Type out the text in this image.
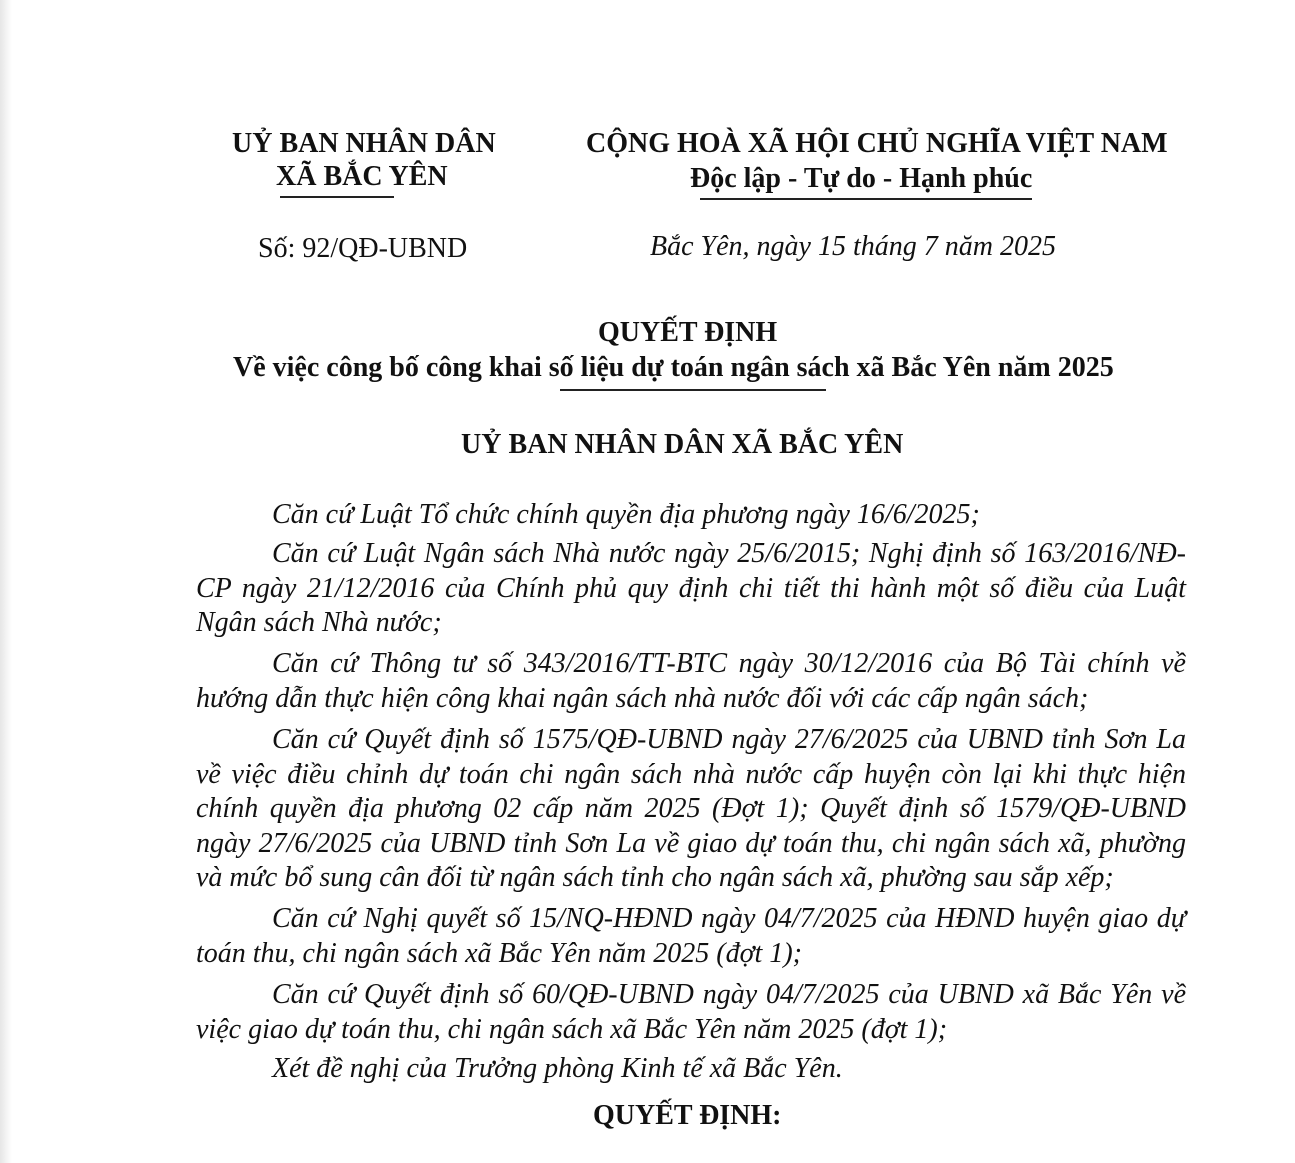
UỶ BAN NHÂN DÂN
XÃ BẮC YÊN
CỘNG HOÀ XÃ HỘI CHỦ NGHĨA VIỆT NAM
Độc lập - Tự do - Hạnh phúc
Số: 92/QĐ-UBND	Bắc Yên, ngày 15 tháng 7 năm 2025
QUYẾT ĐỊNH
Về việc công bố công khai số liệu dự toán ngân sách xã Bắc Yên năm 2025
UỶ BAN NHÂN DÂN XÃ BẮC YÊN

Căn cứ Luật Tổ chức chính quyền địa phương ngày 16/6/2025;

Căn cứ Luật Ngân sách Nhà nước ngày 25/6/2015; Nghị định số 163/2016/NĐ-CP ngày 21/12/2016 của Chính phủ quy định chi tiết thi hành một số điều của Luật Ngân sách Nhà nước;

Căn cứ Thông tư số 343/2016/TT-BTC ngày 30/12/2016 của Bộ Tài chính về hướng dẫn thực hiện công khai ngân sách nhà nước đối với các cấp ngân sách;

Căn cứ Quyết định số 1575/QĐ-UBND ngày 27/6/2025 của UBND tỉnh Sơn La về việc điều chỉnh dự toán chi ngân sách nhà nước cấp huyện còn lại khi thực hiện chính quyền địa phương 02 cấp năm 2025 (Đợt 1); Quyết định số 1579/QĐ-UBND ngày 27/6/2025 của UBND tỉnh Sơn La về giao dự toán thu, chi ngân sách xã, phường và mức bổ sung cân đối từ ngân sách tỉnh cho ngân sách xã, phường sau sắp xếp;

Căn cứ Nghị quyết số 15/NQ-HĐND ngày 04/7/2025 của HĐND huyện giao dự toán thu, chi ngân sách xã Bắc Yên năm 2025 (đợt 1);

Căn cứ Quyết định số 60/QĐ-UBND ngày 04/7/2025 của UBND xã Bắc Yên về việc giao dự toán thu, chi ngân sách xã Bắc Yên năm 2025 (đợt 1);

Xét đề nghị của Trưởng phòng Kinh tế xã Bắc Yên.

QUYẾT ĐỊNH:
